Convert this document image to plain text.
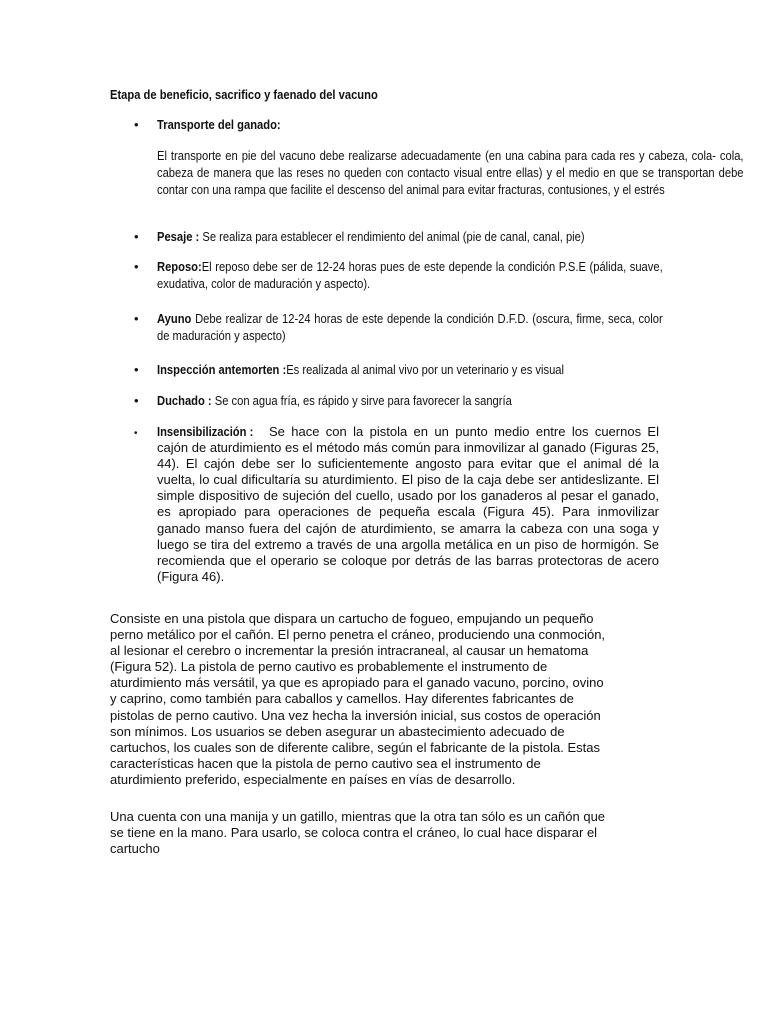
Etapa de beneficio, sacrifico y faenado del vacuno
• Transporte del ganado:
El transporte en pie del vacuno debe realizarse adecuadamente (en una cabina para cada res y cabeza, cola- cola, cabeza de manera que las reses no queden con contacto visual entre ellas) y el medio en que se transportan debe contar con una rampa que facilite el descenso del animal para evitar fracturas, contusiones, y el estrés
• Pesaje : Se realiza para establecer el rendimiento del animal (pie de canal, canal, pie)
• Reposo:El reposo debe ser de 12-24 horas pues de este depende la condición P.S.E (pálida, suave, exudativa, color de maduración y aspecto).
• Ayuno Debe realizar de 12-24 horas de este depende la condición D.F.D. (oscura, firme, seca, color de maduración y aspecto)
• Inspección antemorten :Es realizada al animal vivo por un veterinario y es visual
• Duchado : Se con agua fría, es rápido y sirve para favorecer la sangría
• Insensibilización : Se hace con la pistola en un punto medio entre los cuernos El cajón de aturdimiento es el método más común para inmovilizar al ganado (Figuras 25, 44). El cajón debe ser lo suficientemente angosto para evitar que el animal dé la vuelta, lo cual dificultaría su aturdimiento. El piso de la caja debe ser antideslizante. El simple dispositivo de sujeción del cuello, usado por los ganaderos al pesar el ganado, es apropiado para operaciones de pequeña escala (Figura 45). Para inmovilizar ganado manso fuera del cajón de aturdimiento, se amarra la cabeza con una soga y luego se tira del extremo a través de una argolla metálica en un piso de hormigón. Se recomienda que el operario se coloque por detrás de las barras protectoras de acero (Figura 46).
Consiste en una pistola que dispara un cartucho de fogueo, empujando un pequeño
perno metálico por el cañón. El perno penetra el cráneo, produciendo una conmoción,
al lesionar el cerebro o incrementar la presión intracraneal, al causar un hematoma
(Figura 52). La pistola de perno cautivo es probablemente el instrumento de
aturdimiento más versátil, ya que es apropiado para el ganado vacuno, porcino, ovino
y caprino, como también para caballos y camellos. Hay diferentes fabricantes de
pistolas de perno cautivo. Una vez hecha la inversión inicial, sus costos de operación
son mínimos. Los usuarios se deben asegurar un abastecimiento adecuado de
cartuchos, los cuales son de diferente calibre, según el fabricante de la pistola. Estas
características hacen que la pistola de perno cautivo sea el instrumento de
aturdimiento preferido, especialmente en países en vías de desarrollo.
Una cuenta con una manija y un gatillo, mientras que la otra tan sólo es un cañón que
se tiene en la mano. Para usarlo, se coloca contra el cráneo, lo cual hace disparar el
cartucho
